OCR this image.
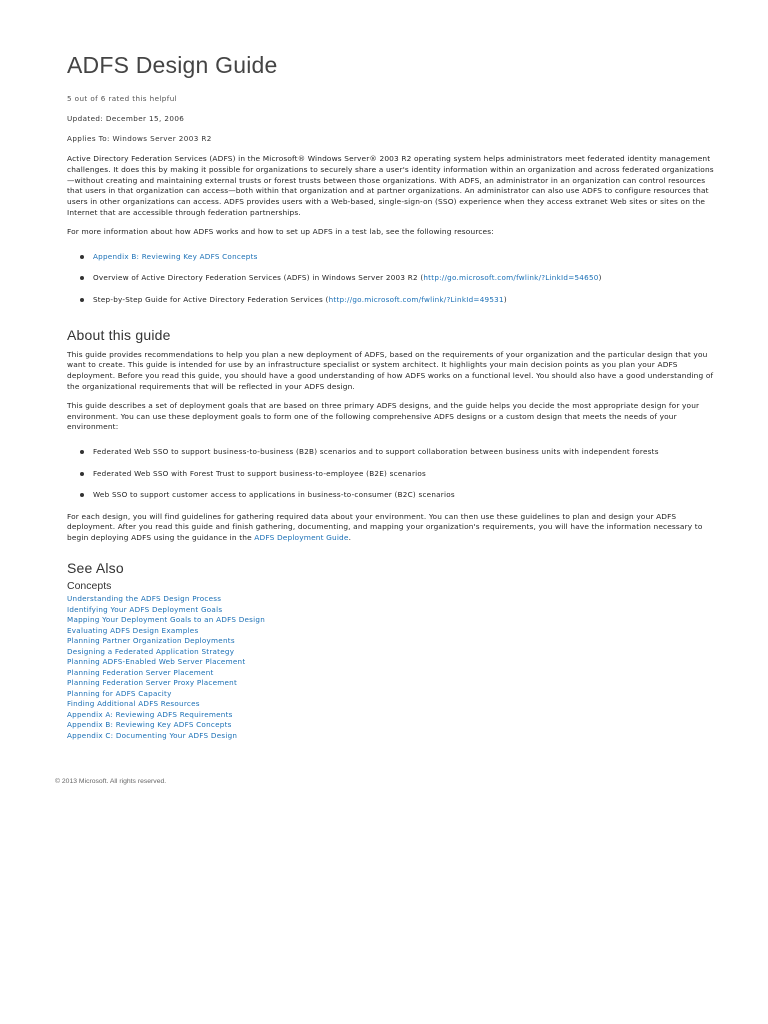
ADFS Design Guide
5 out of 6 rated this helpful
Updated: December 15, 2006
Applies To: Windows Server 2003 R2

Active Directory Federation Services (ADFS) in the Microsoft® Windows Server® 2003 R2 operating system helps administrators meet federated identity management challenges. It does this by making it possible for organizations to securely share a user's identity information within an organization and across federated organizations —without creating and maintaining external trusts or forest trusts between those organizations. With ADFS, an administrator in an organization can control resources that users in that organization can access—both within that organization and at partner organizations. An administrator can also use ADFS to configure resources that users in other organizations can access. ADFS provides users with a Web-based, single-sign-on (SSO) experience when they access extranet Web sites or sites on the Internet that are accessible through federation partnerships.

For more information about how ADFS works and how to set up ADFS in a test lab, see the following resources:

Appendix B: Reviewing Key ADFS Concepts
Overview of Active Directory Federation Services (ADFS) in Windows Server 2003 R2 (http://go.microsoft.com/fwlink/?LinkId=54650)
Step-by-Step Guide for Active Directory Federation Services (http://go.microsoft.com/fwlink/?LinkId=49531)
About this guide

This guide provides recommendations to help you plan a new deployment of ADFS, based on the requirements of your organization and the particular design that you want to create. This guide is intended for use by an infrastructure specialist or system architect. It highlights your main decision points as you plan your ADFS deployment. Before you read this guide, you should have a good understanding of how ADFS works on a functional level. You should also have a good understanding of the organizational requirements that will be reflected in your ADFS design.

This guide describes a set of deployment goals that are based on three primary ADFS designs, and the guide helps you decide the most appropriate design for your environment. You can use these deployment goals to form one of the following comprehensive ADFS designs or a custom design that meets the needs of your environment:

Federated Web SSO to support business-to-business (B2B) scenarios and to support collaboration between business units with independent forests
Federated Web SSO with Forest Trust to support business-to-employee (B2E) scenarios
Web SSO to support customer access to applications in business-to-consumer (B2C) scenarios

For each design, you will find guidelines for gathering required data about your environment. You can then use these guidelines to plan and design your ADFS deployment. After you read this guide and finish gathering, documenting, and mapping your organization's requirements, you will have the information necessary to begin deploying ADFS using the guidance in the ADFS Deployment Guide.

See Also
Concepts
Understanding the ADFS Design Process
Identifying Your ADFS Deployment Goals
Mapping Your Deployment Goals to an ADFS Design
Evaluating ADFS Design Examples
Planning Partner Organization Deployments
Designing a Federated Application Strategy
Planning ADFS-Enabled Web Server Placement
Planning Federation Server Placement
Planning Federation Server Proxy Placement
Planning for ADFS Capacity
Finding Additional ADFS Resources
Appendix A: Reviewing ADFS Requirements
Appendix B: Reviewing Key ADFS Concepts
Appendix C: Documenting Your ADFS Design
© 2013 Microsoft. All rights reserved.
